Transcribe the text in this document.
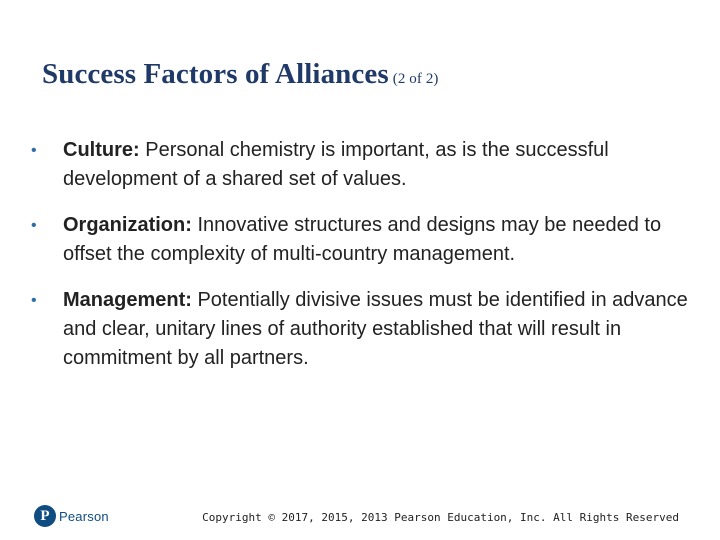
Success Factors of Alliances (2 of 2)
•	Culture: Personal chemistry is important, as is the successful development of a shared set of values.
•	Organization: Innovative structures and designs may be needed to offset the complexity of multi-country management.
•	Management: Potentially divisive issues must be identified in advance and clear, unitary lines of authority established that will result in commitment by all partners.
P Pearson	Copyright © 2017, 2015, 2013 Pearson Education, Inc. All Rights Reserved
